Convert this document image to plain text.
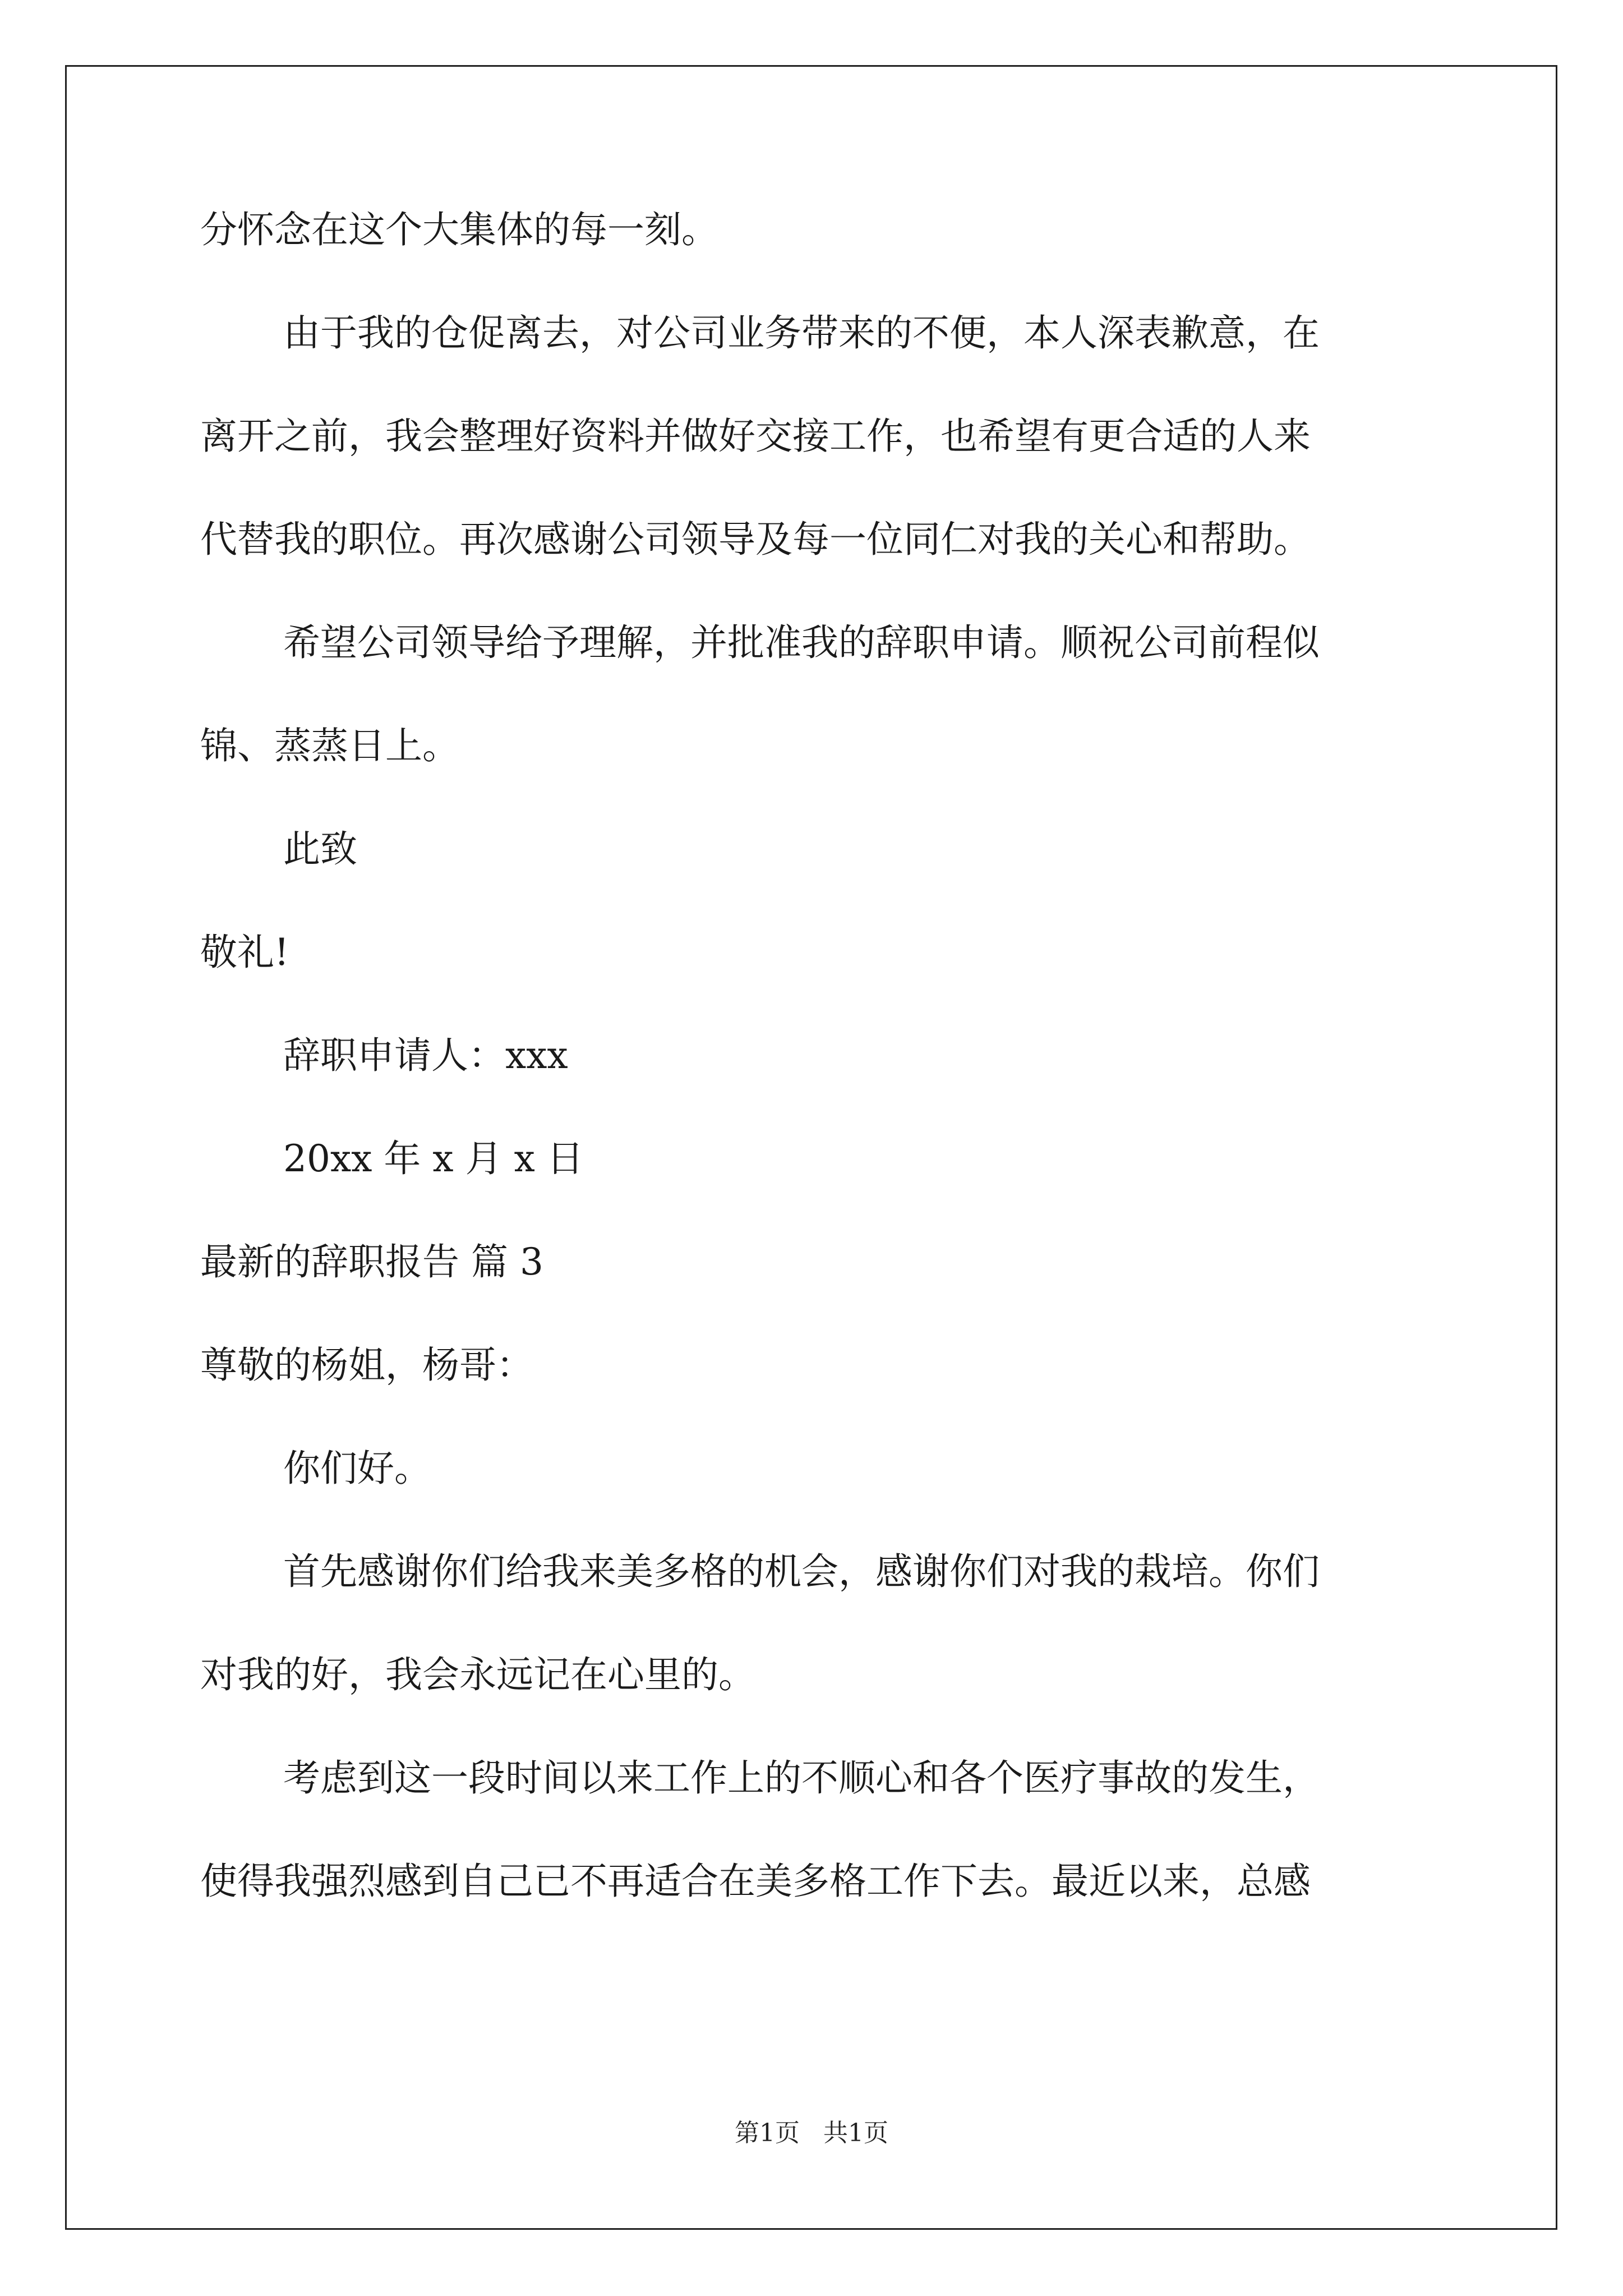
分怀念在这个大集体的每一刻。
由于我的仓促离去，对公司业务带来的不便，本人深表歉意，在
离开之前，我会整理好资料并做好交接工作，也希望有更合适的人来
代替我的职位。再次感谢公司领导及每一位同仁对我的关心和帮助。
希望公司领导给予理解，并批准我的辞职申请。顺祝公司前程似
锦、蒸蒸日上。
此致
敬礼!
辞职申请人：xxx
20xx 年 x 月 x 日
最新的辞职报告 篇 3
尊敬的杨姐，杨哥：
你们好。
首先感谢你们给我来美多格的机会，感谢你们对我的栽培。你们
对我的好，我会永远记在心里的。
考虑到这一段时间以来工作上的不顺心和各个医疗事故的发生，
使得我强烈感到自己已不再适合在美多格工作下去。最近以来，总感
第1页   共1页
